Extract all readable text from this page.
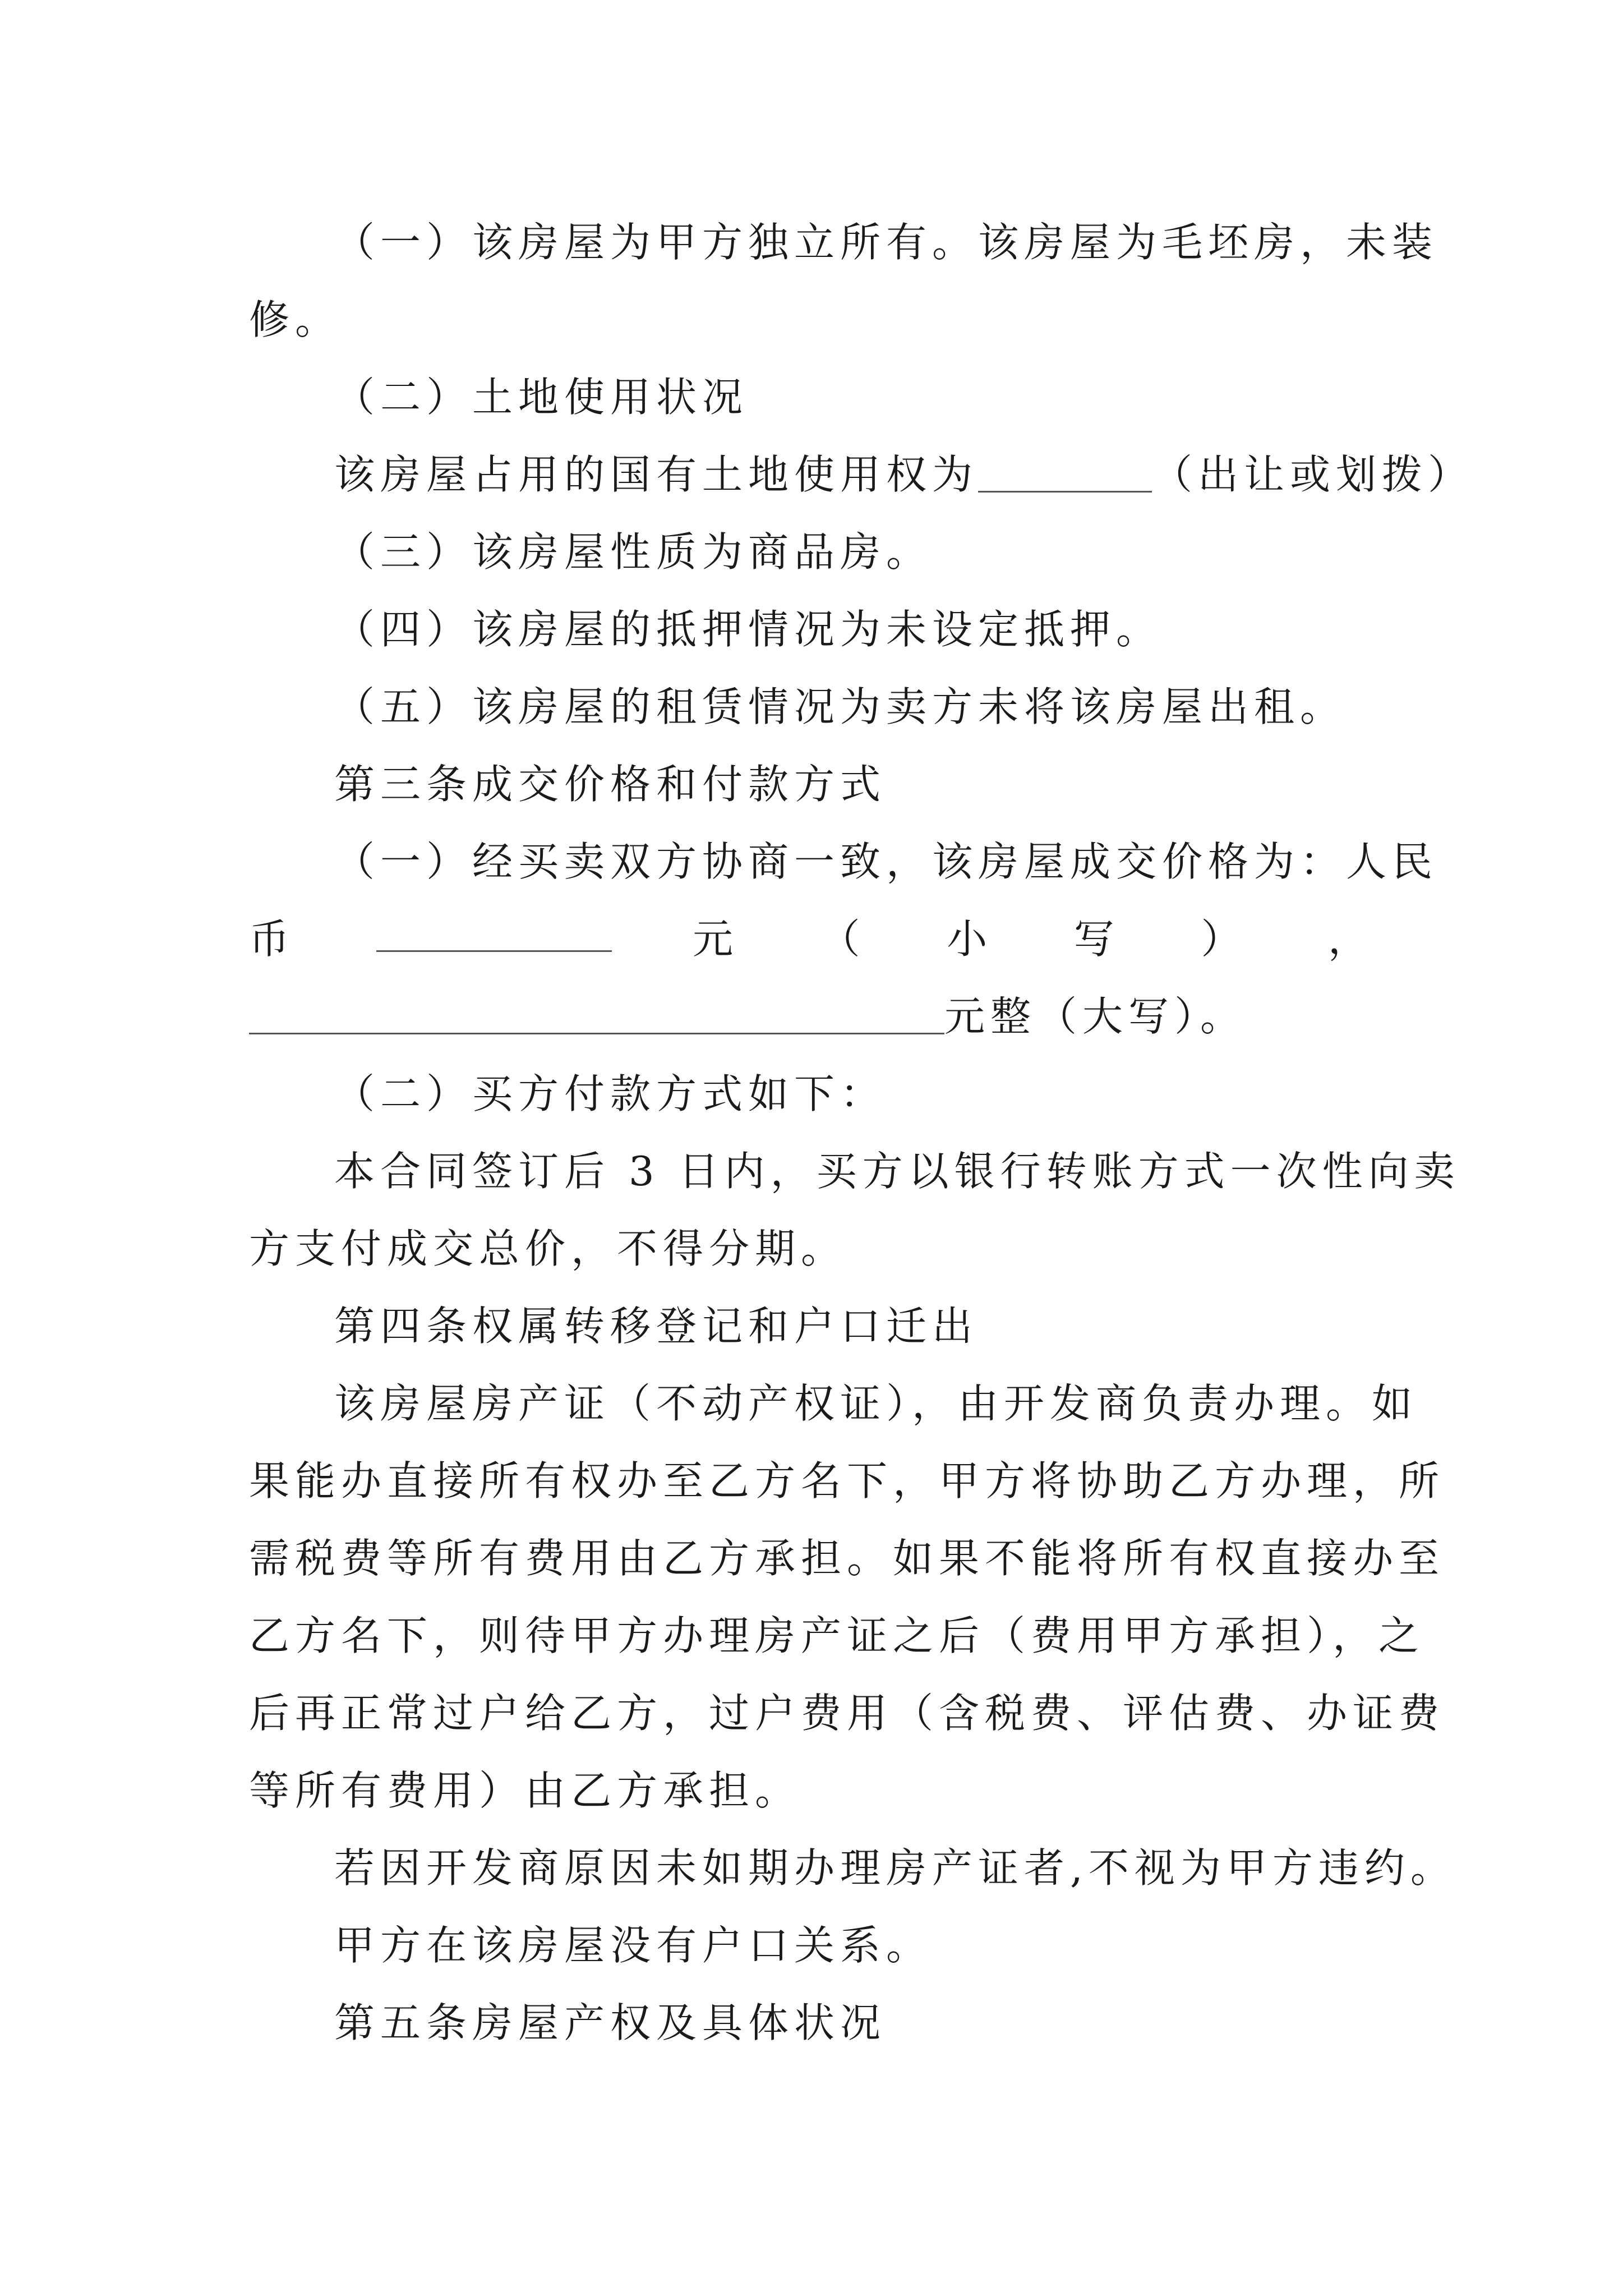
（一）该房屋为甲方独立所有。该房屋为毛坯房，未装
修。
（二）土地使用状况
该房屋占用的国有土地使用权为	（出让或划拨）
（三）该房屋性质为商品房。
（四）该房屋的抵押情况为未设定抵押。
（五）该房屋的租赁情况为卖方未将该房屋出租。
第三条成交价格和付款方式
（一）经买卖双方协商一致，该房屋成交价格为：人民
币	元 （ 小 写 ） ，
元整（大写）。
（二）买方付款方式如下：
本合同签订后 3 日内，买方以银行转账方式一次性向卖
方支付成交总价，不得分期。
第四条权属转移登记和户口迁出
该房屋房产证（不动产权证），由开发商负责办理。如
果能办直接所有权办至乙方名下，甲方将协助乙方办理，所
需税费等所有费用由乙方承担。如果不能将所有权直接办至
乙方名下，则待甲方办理房产证之后（费用甲方承担），之
后再正常过户给乙方，过户费用（含税费、评估费、办证费
等所有费用）由乙方承担。
若因开发商原因未如期办理房产证者,不视为甲方违约。
甲方在该房屋没有户口关系。
第五条房屋产权及具体状况
